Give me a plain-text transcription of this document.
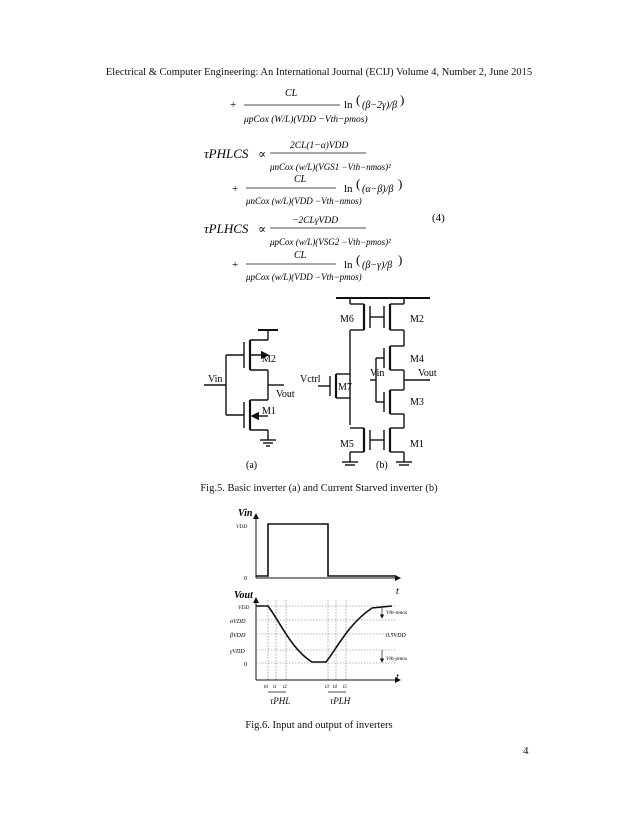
Electrical & Computer Engineering: An International Journal (ECIJ) Volume 4, Number 2, June 2015
+
CL
μpCox (W/L)(VDD −Vth−pmos)
ln ( (β−2γ)/β )
τPHLCS ∝
2CL(1−α)VDD
μnCox (w/L)(VGS1 −Vth−nmos)²
+
CL
μnCox (w/L)(VDD −Vth−nmos)
ln ( (α−β)/β )
τPLHCS ∝
−2CLγVDD
μpCox (w/L)(VSG2 −Vth−pmos)²
(4)
+
CL
μpCox (w/L)(VDD −Vth−pmos)
ln ( (β−γ)/β )
M2
M1
Vin
Vout
(a)
M6	M2
M4
M3
M1
M5
M7
Vctrl
Vin	Vout
(b)
Fig.5. Basic inverter (a) and Current Starved inverter (b)
Vin
VDD
0
Vout	t
t
VDD
αVDD
βVDD
γVDD
0
Vth-nmos
0.5VDD
Vth-pmos
t0 t1 t2	t3 t4 t5
τPHL	τPLH
Fig.6. Input and output of inverters
4
